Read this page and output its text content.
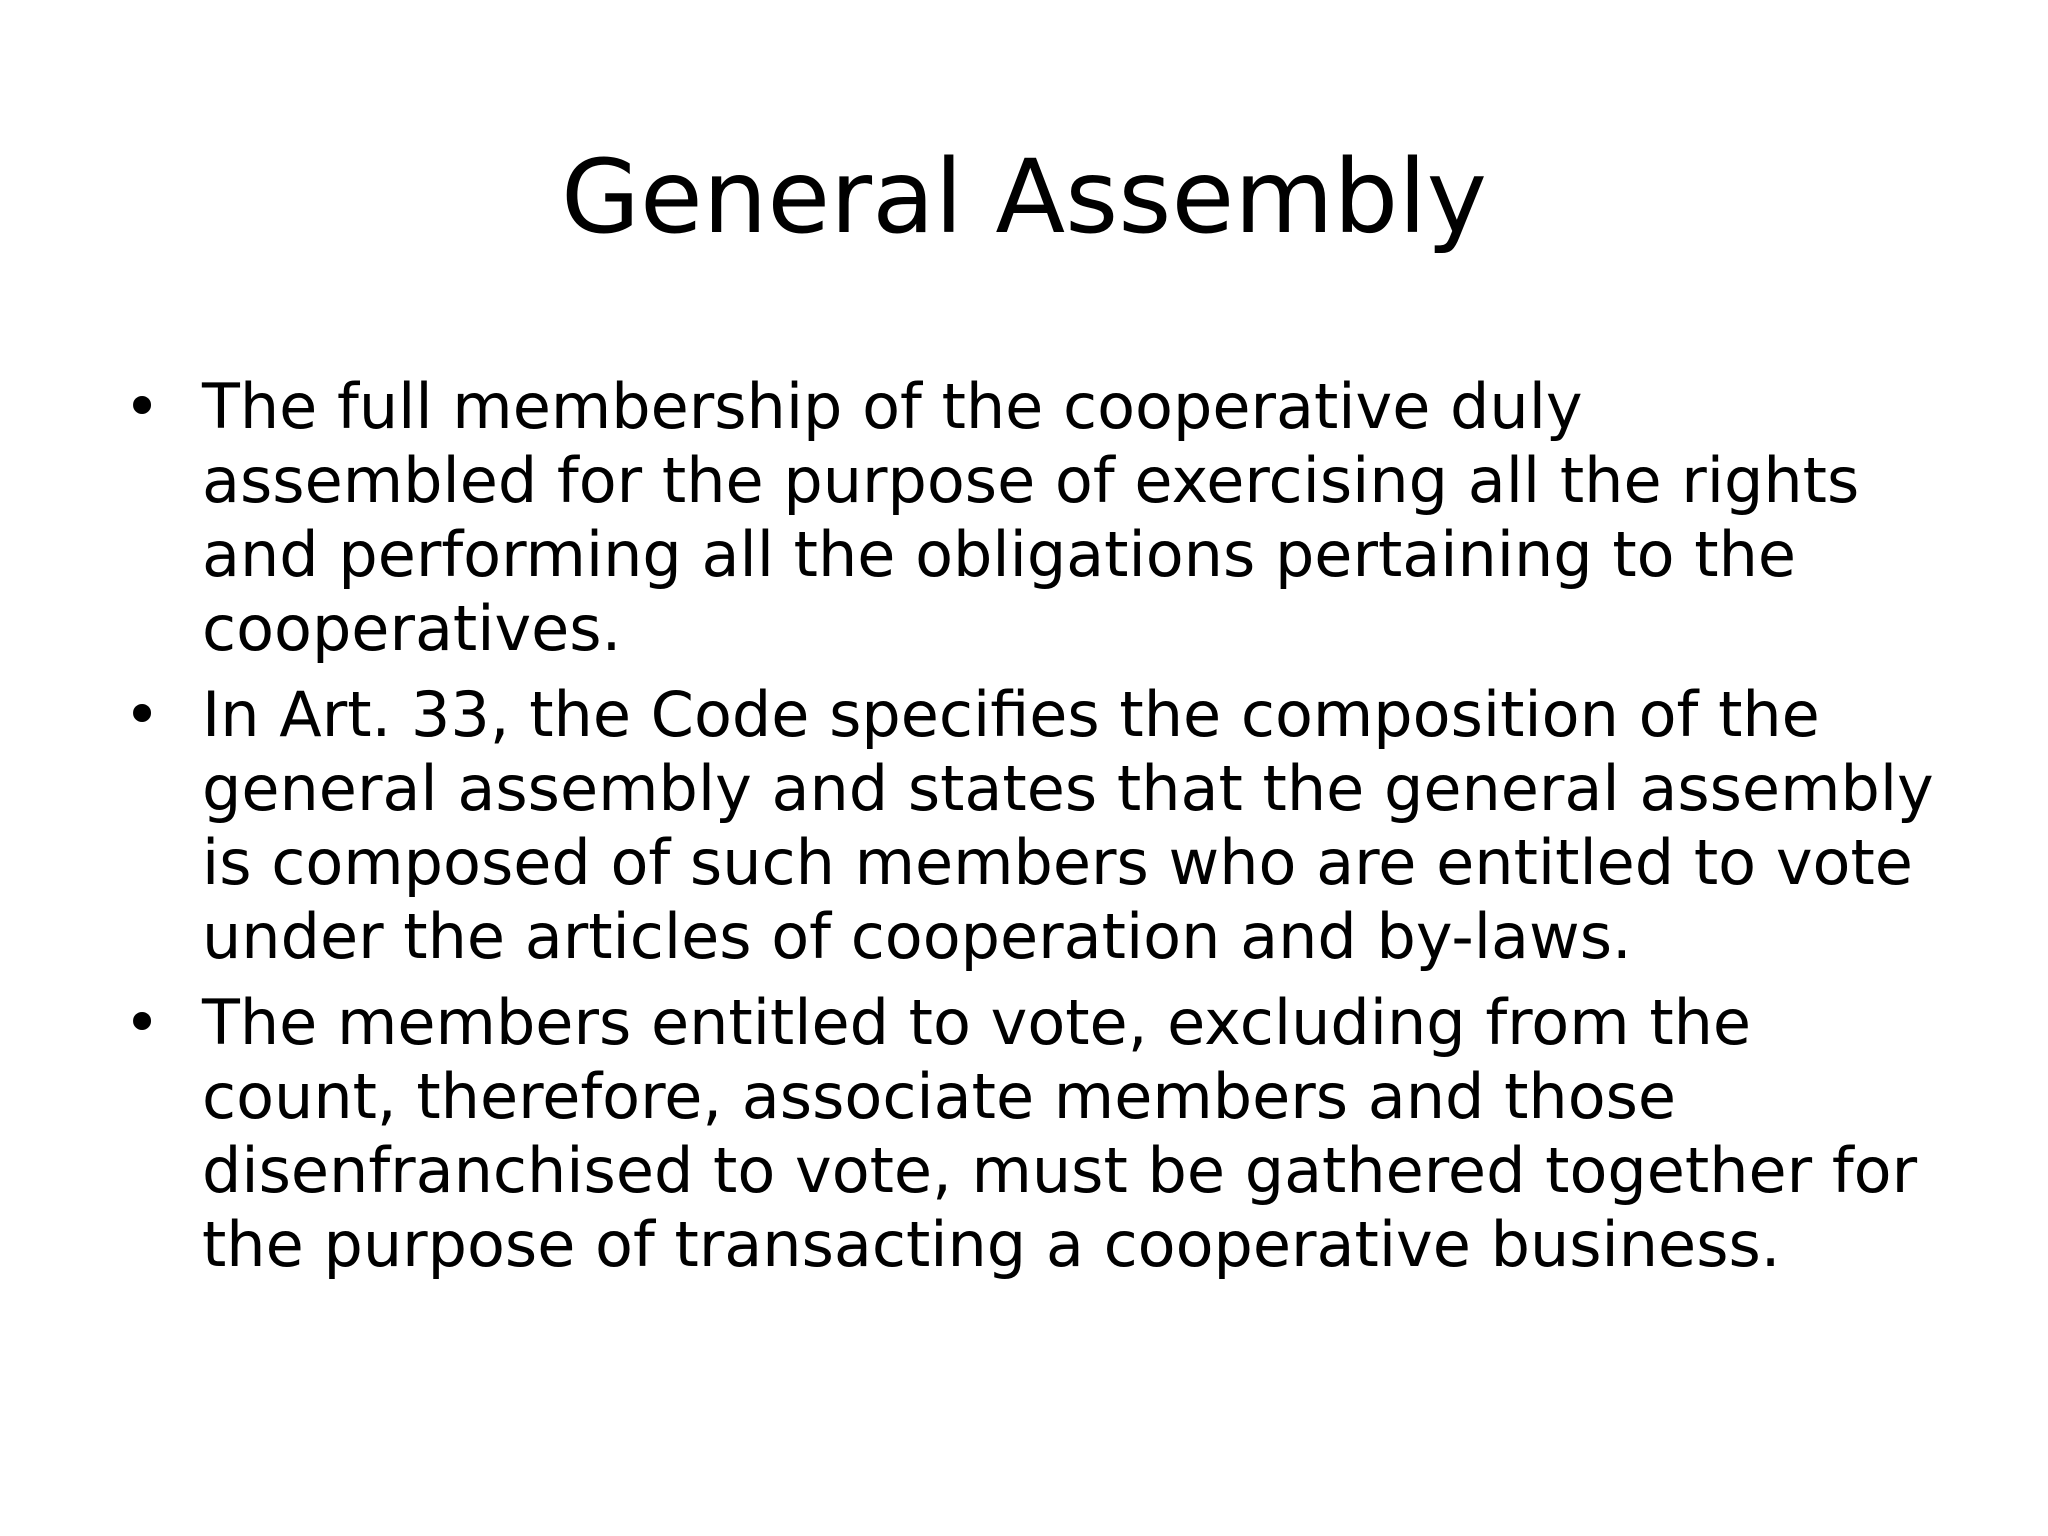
General Assembly
• The full membership of the cooperative duly
assembled for the purpose of exercising all the rights
and performing all the obligations pertaining to the
cooperatives.
• In Art. 33, the Code specifies the composition of the
general assembly and states that the general assembly
is composed of such members who are entitled to vote
under the articles of cooperation and by-laws.
• The members entitled to vote, excluding from the
count, therefore, associate members and those
disenfranchised to vote, must be gathered together for
the purpose of transacting a cooperative business.
